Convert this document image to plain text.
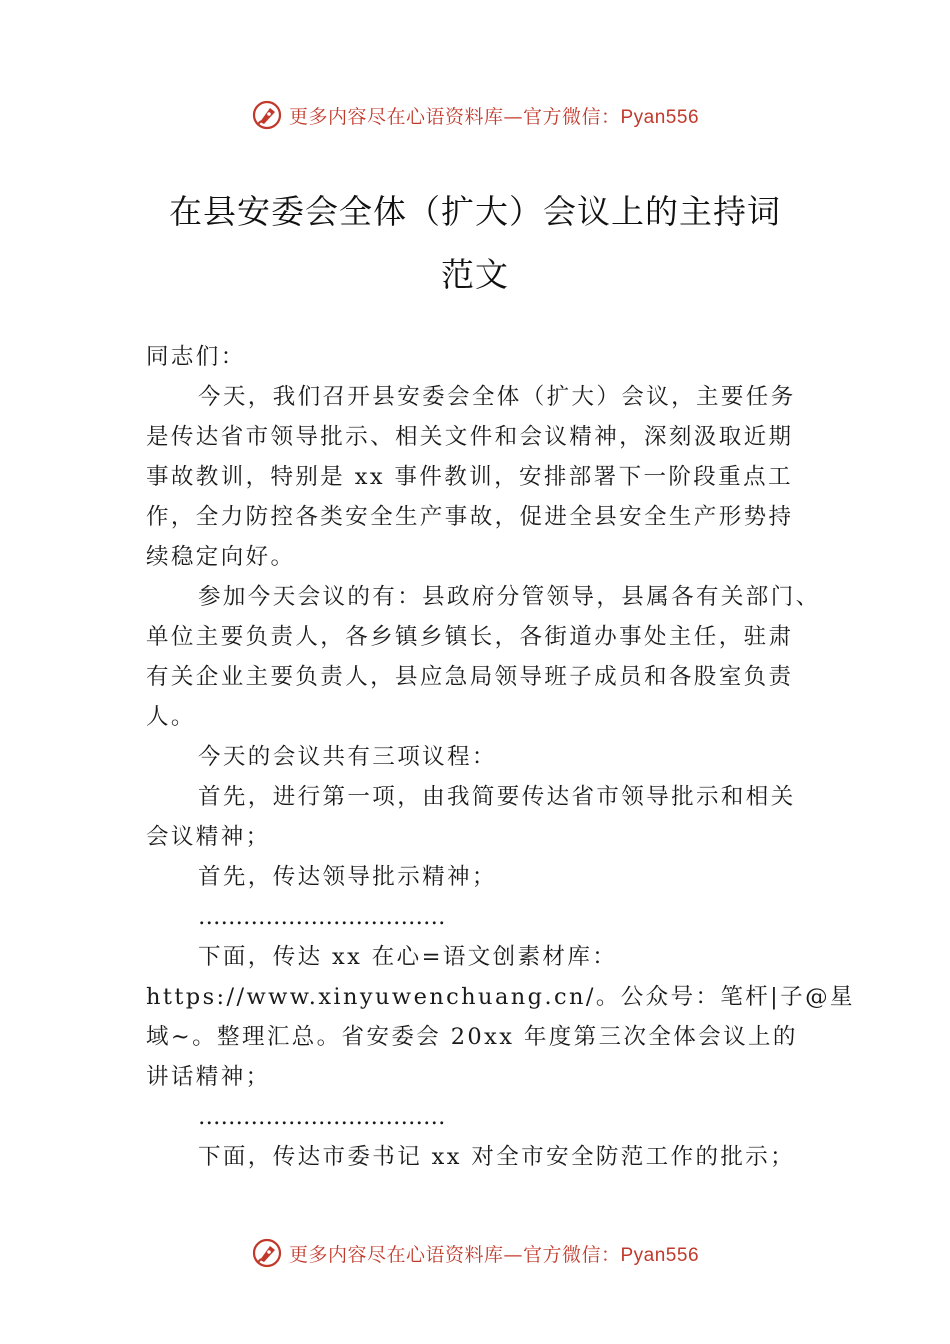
更多内容尽在心语资料库—官方微信：Pyan556
在县安委会全体（扩大）会议上的主持词
范文
同志们：
今天，我们召开县安委会全体（扩大）会议，主要任务
是传达省市领导批示、相关文件和会议精神，深刻汲取近期
事故教训，特别是 xx 事件教训，安排部署下一阶段重点工
作，全力防控各类安全生产事故，促进全县安全生产形势持
续稳定向好。
参加今天会议的有：县政府分管领导，县属各有关部门、
单位主要负责人，各乡镇乡镇长，各街道办事处主任，驻肃
有关企业主要负责人，县应急局领导班子成员和各股室负责
人。
今天的会议共有三项议程：
首先，进行第一项，由我简要传达省市领导批示和相关
会议精神；
首先，传达领导批示精神；
……………………………
下面，传达 xx 在心=语文创素材库：
https://www.xinyuwenchuang.cn/。公众号：笔杆|子@星
域~。整理汇总。省安委会 20xx 年度第三次全体会议上的
讲话精神；
……………………………
下面，传达市委书记 xx 对全市安全防范工作的批示；
更多内容尽在心语资料库—官方微信：Pyan556
